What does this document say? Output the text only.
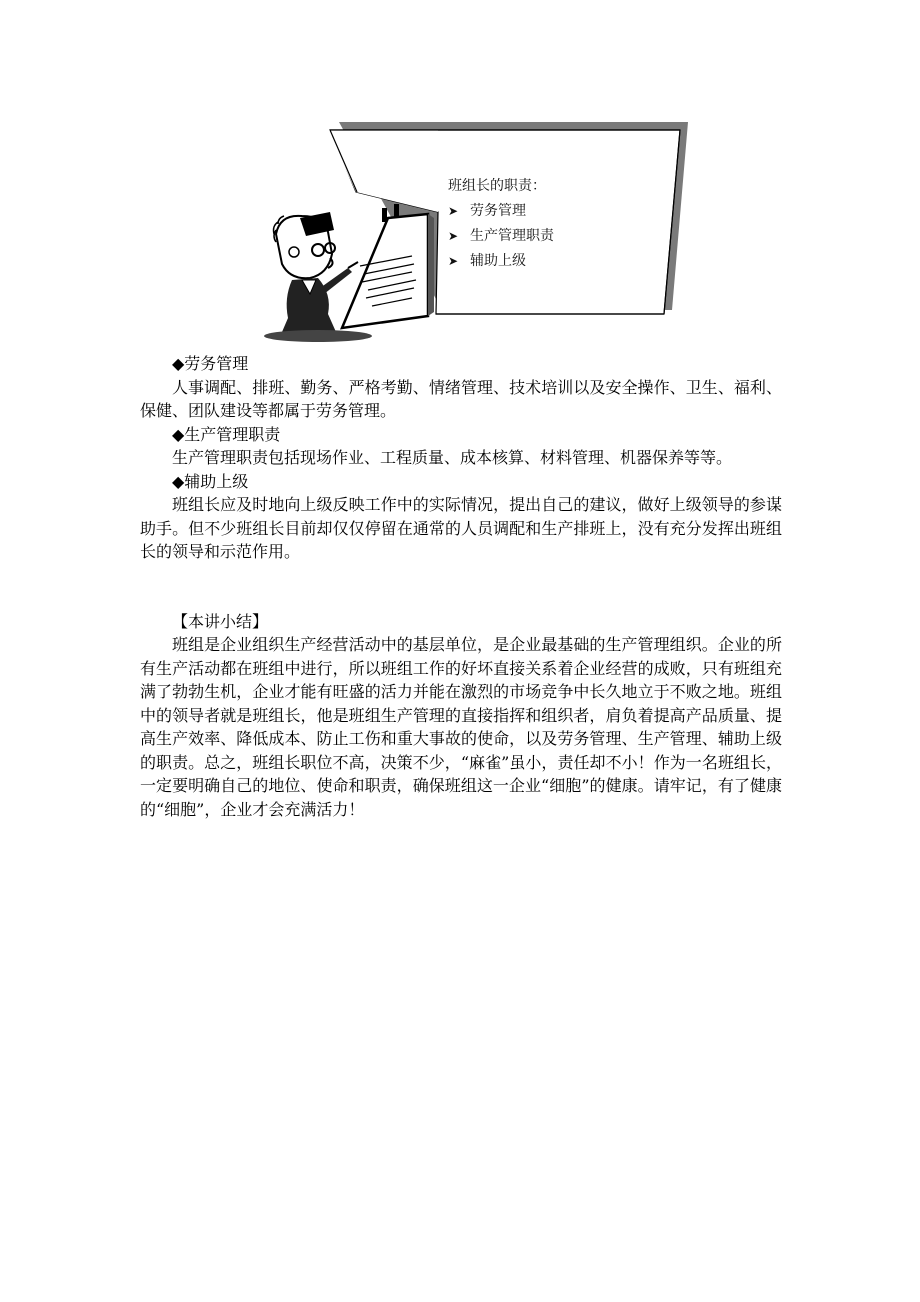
班组长的职责：
➤ 劳务管理
➤ 生产管理职责
➤ 辅助上级

◆劳务管理

人事调配、排班、勤务、严格考勤、情绪管理、技术培训以及安全操作、卫生、福利、保健、团队建设等都属于劳务管理。

◆生产管理职责

生产管理职责包括现场作业、工程质量、成本核算、材料管理、机器保养等等。

◆辅助上级

班组长应及时地向上级反映工作中的实际情况，提出自己的建议，做好上级领导的参谋助手。但不少班组长目前却仅仅停留在通常的人员调配和生产排班上，没有充分发挥出班组长的领导和示范作用。

【本讲小结】

班组是企业组织生产经营活动中的基层单位，是企业最基础的生产管理组织。企业的所有生产活动都在班组中进行，所以班组工作的好坏直接关系着企业经营的成败，只有班组充满了勃勃生机，企业才能有旺盛的活力并能在激烈的市场竞争中长久地立于不败之地。班组中的领导者就是班组长，他是班组生产管理的直接指挥和组织者，肩负着提高产品质量、提高生产效率、降低成本、防止工伤和重大事故的使命，以及劳务管理、生产管理、辅助上级的职责。总之，班组长职位不高，决策不少，“麻雀”虽小，责任却不小！作为一名班组长，一定要明确自己的地位、使命和职责，确保班组这一企业“细胞”的健康。请牢记，有了健康的“细胞”，企业才会充满活力！
